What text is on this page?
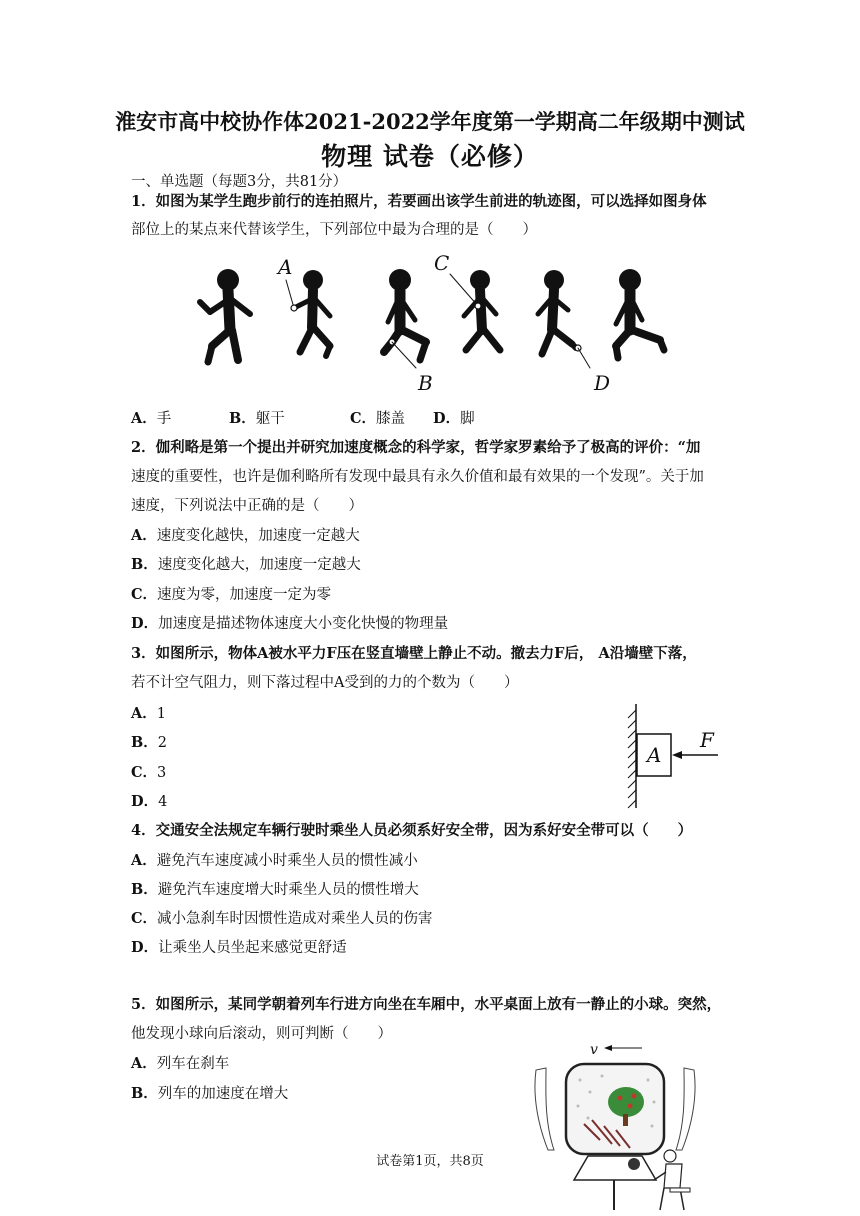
淮安市高中校协作体2021-2022学年度第一学期高二年级期中测试
物理 试卷（必修）
一、单选题（每题3分，共81分）
1．如图为某学生跑步前行的连拍照片，若要画出该学生前进的轨迹图，可以选择如图身体
部位上的某点来代替该学生，下列部位中最为合理的是（　　）
A
B
C
D
A．手	B．躯干	C．膝盖 D．脚
2．伽利略是第一个提出并研究加速度概念的科学家，哲学家罗素给予了极高的评价：“加
速度的重要性，也许是伽利略所有发现中最具有永久价值和最有效果的一个发现”。关于加
速度，下列说法中正确的是（　　）
A．速度变化越快，加速度一定越大
B．速度变化越大，加速度一定越大
C．速度为零，加速度一定为零
D．加速度是描述物体速度大小变化快慢的物理量
3．如图所示，物体A被水平力F压在竖直墙壁上静止不动。撤去力F后， A沿墙壁下落，
若不计空气阻力，则下落过程中A受到的力的个数为（　　）
A．1
B．2
C．3
D．4
A
F
4．交通安全法规定车辆行驶时乘坐人员必须系好安全带，因为系好安全带可以（　　）
A．避免汽车速度减小时乘坐人员的惯性减小
B．避免汽车速度增大时乘坐人员的惯性增大
C．减小急刹车时因惯性造成对乘坐人员的伤害
D．让乘坐人员坐起来感觉更舒适
5．如图所示，某同学朝着列车行进方向坐在车厢中，水平桌面上放有一静止的小球。突然，
他发现小球向后滚动，则可判断（　　）
A．列车在刹车
B．列车的加速度在增大
v
试卷第1页，共8页
